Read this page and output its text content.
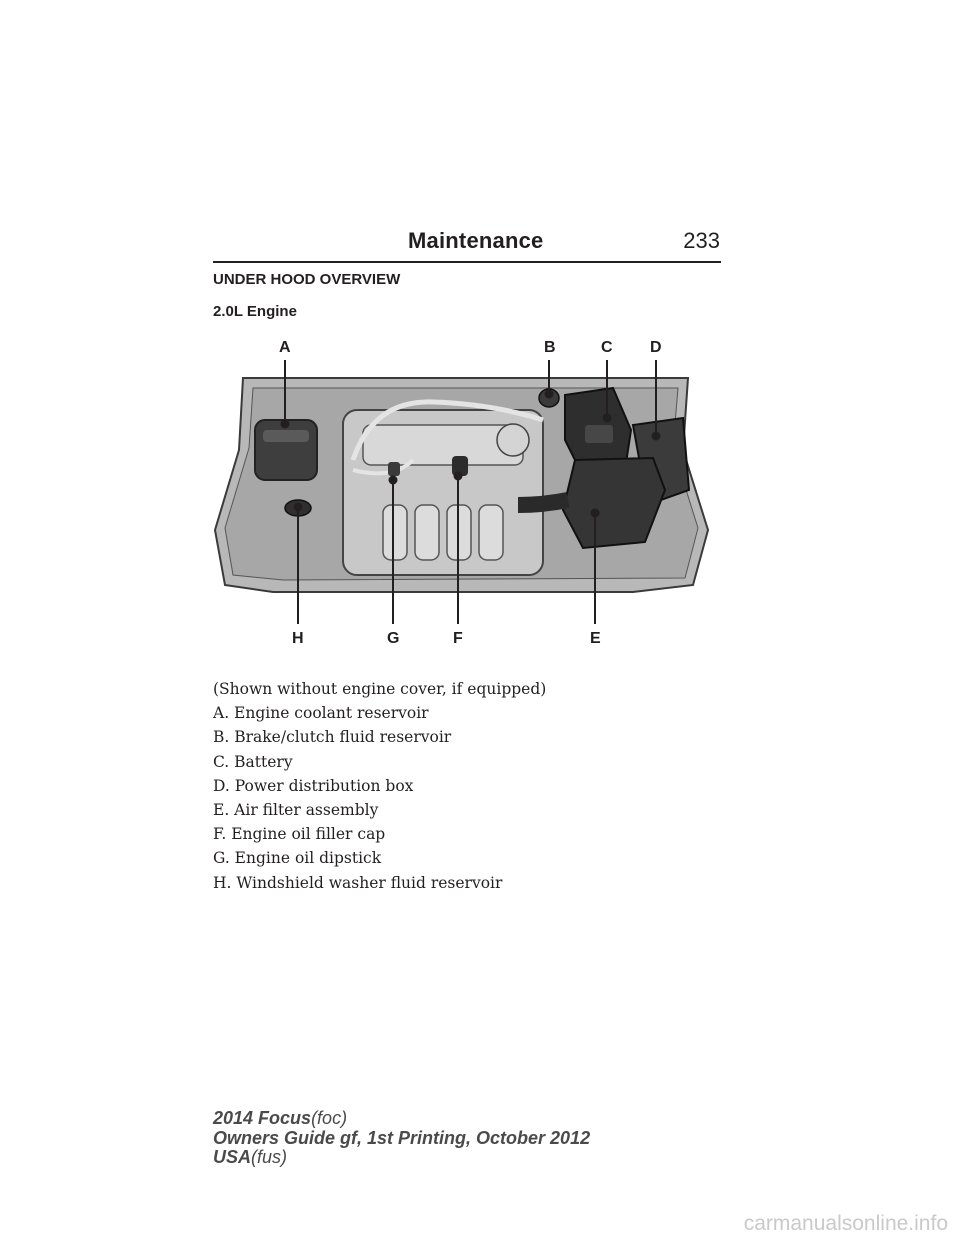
Maintenance	233
UNDER HOOD OVERVIEW
2.0L Engine
A	B	C D
E
F
G
H
(Shown without engine cover, if equipped)
A. Engine coolant reservoir
B. Brake/clutch fluid reservoir
C. Battery
D. Power distribution box
E. Air filter assembly
F. Engine oil filler cap
G. Engine oil dipstick
H. Windshield washer fluid reservoir
2014 Focus(foc)
Owners Guide gf, 1st Printing, October 2012
USA(fus)
carmanualsonline.info
